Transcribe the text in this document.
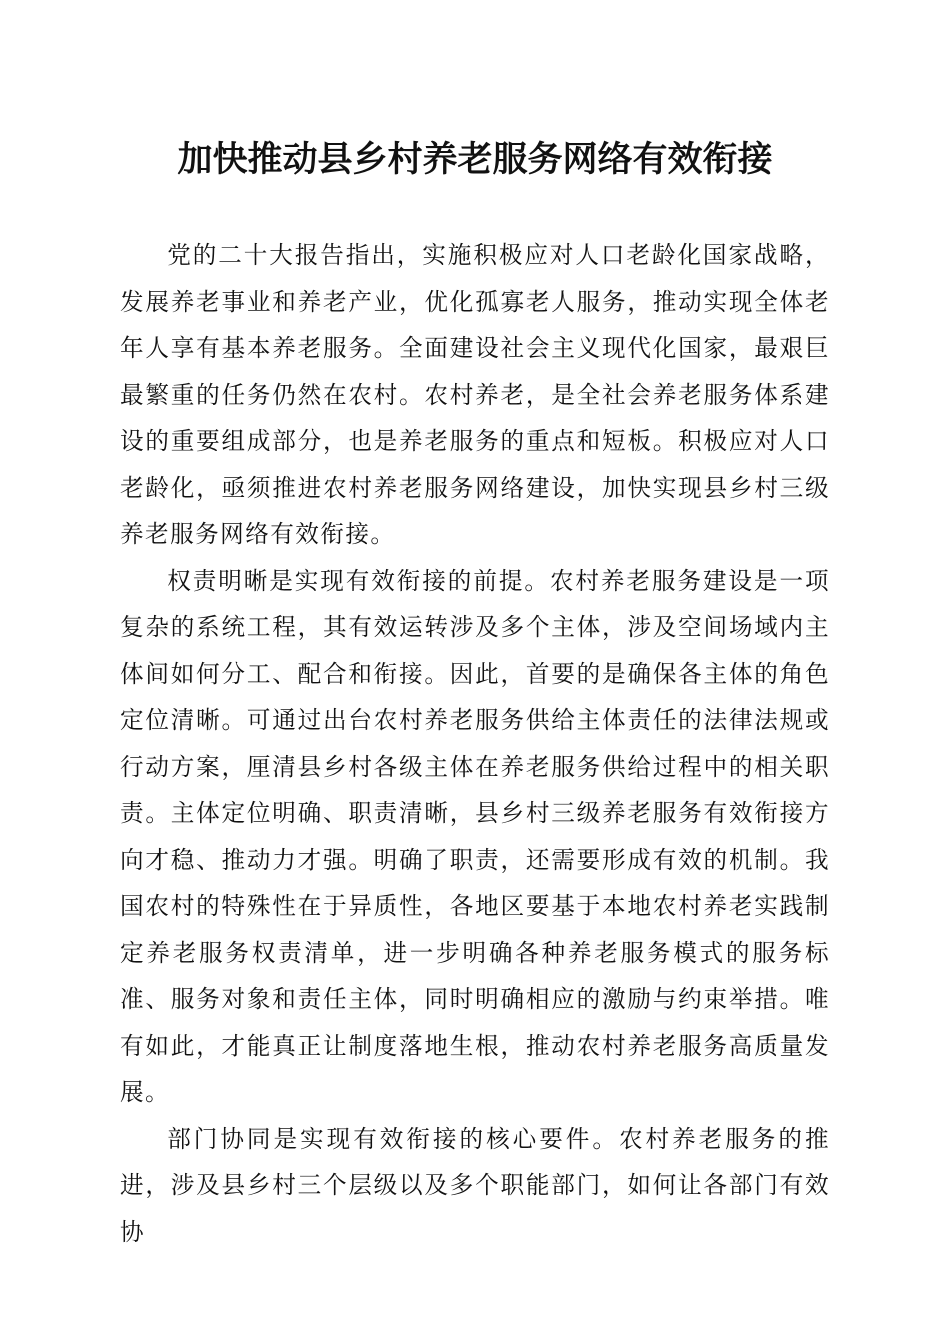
加快推动县乡村养老服务网络有效衔接

党的二十大报告指出，实施积极应对人口老龄化国家战略，发展养老事业和养老产业，优化孤寡老人服务，推动实现全体老年人享有基本养老服务。全面建设社会主义现代化国家，最艰巨最繁重的任务仍然在农村。农村养老，是全社会养老服务体系建设的重要组成部分，也是养老服务的重点和短板。积极应对人口老龄化，亟须推进农村养老服务网络建设，加快实现县乡村三级养老服务网络有效衔接。

权责明晰是实现有效衔接的前提。农村养老服务建设是一项复杂的系统工程，其有效运转涉及多个主体，涉及空间场域内主体间如何分工、配合和衔接。因此，首要的是确保各主体的角色定位清晰。可通过出台农村养老服务供给主体责任的法律法规或行动方案，厘清县乡村各级主体在养老服务供给过程中的相关职责。主体定位明确、职责清晰，县乡村三级养老服务有效衔接方向才稳、推动力才强。明确了职责，还需要形成有效的机制。我国农村的特殊性在于异质性，各地区要基于本地农村养老实践制定养老服务权责清单，进一步明确各种养老服务模式的服务标准、服务对象和责任主体，同时明确相应的激励与约束举措。唯有如此，才能真正让制度落地生根，推动农村养老服务高质量发展。

部门协同是实现有效衔接的核心要件。农村养老服务的推进，涉及县乡村三个层级以及多个职能部门，如何让各部门有效协
